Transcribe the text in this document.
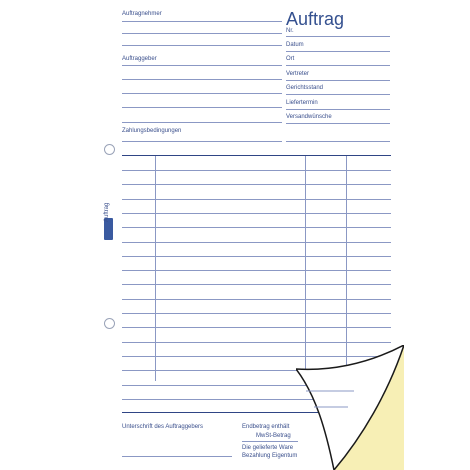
Auftrag
Auftrag
Auftragnehmer
Auftraggeber
Zahlungsbedingungen
Nr.
Datum
Ort
Vertreter
Gerichtsstand
Liefertermin
Versandwünsche
Unterschrift des Auftraggebers	Endbetrag enthält
MwSt-Betrag
Die gelieferte Ware
Bezahlung Eigentum
